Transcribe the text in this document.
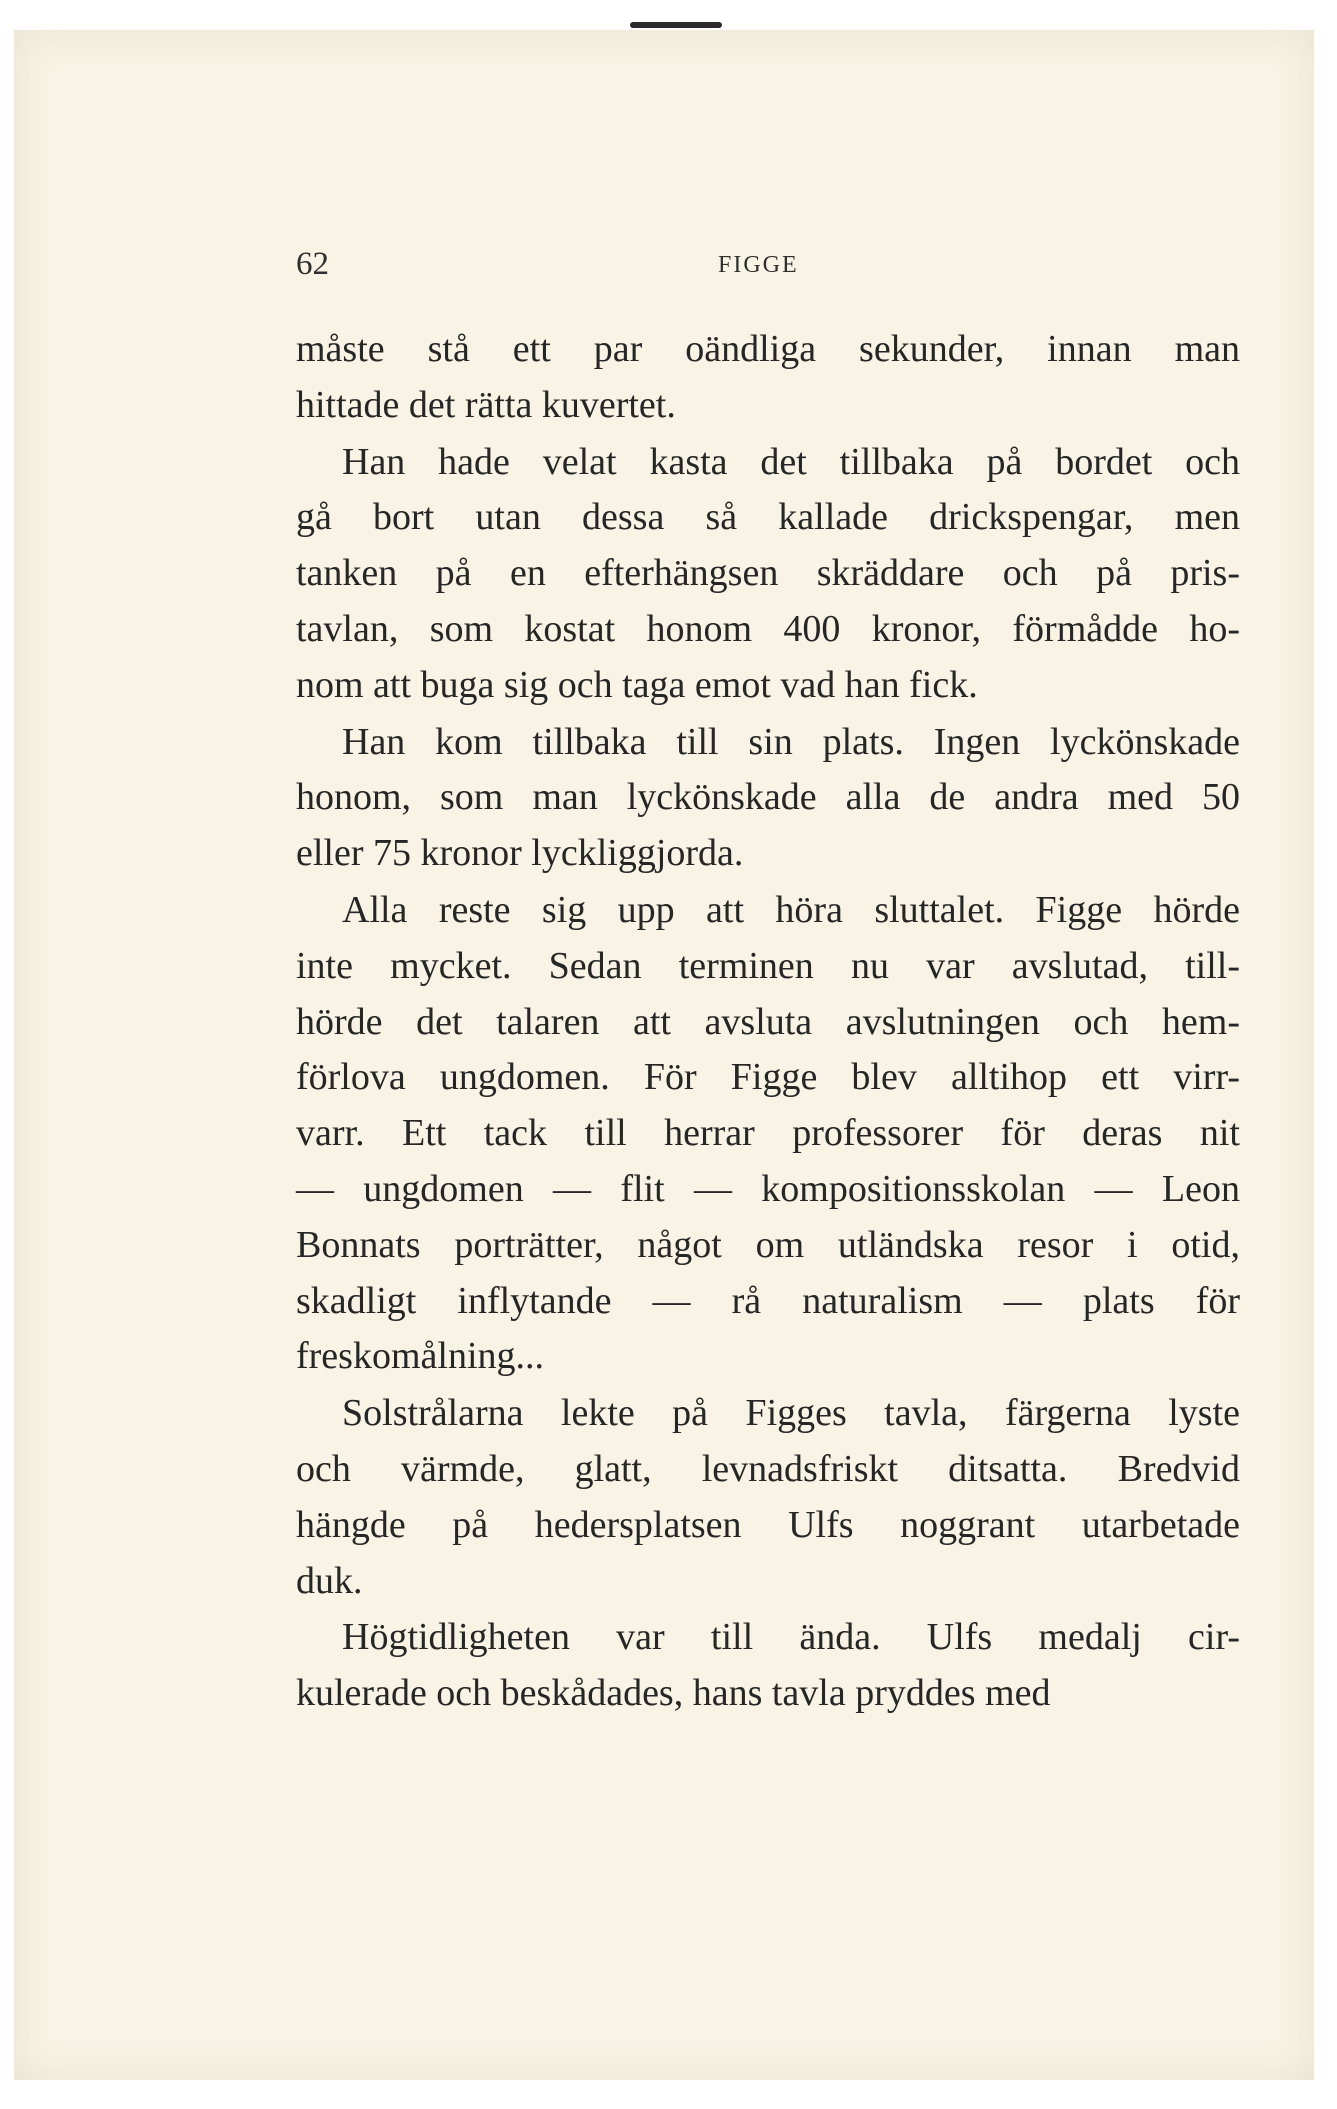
62	FIGGE
måste stå ett par oändliga sekunder, innan man
hittade det rätta kuvertet.
Han hade velat kasta det tillbaka på bordet och
gå bort utan dessa så kallade drickspengar, men
tanken på en efterhängsen skräddare och på pris-
tavlan, som kostat honom 400 kronor, förmådde ho-
nom att buga sig och taga emot vad han fick.
Han kom tillbaka till sin plats. Ingen lyckönskade
honom, som man lyckönskade alla de andra med 50
eller 75 kronor lyckliggjorda.
Alla reste sig upp att höra sluttalet. Figge hörde
inte mycket. Sedan terminen nu var avslutad, till-
hörde det talaren att avsluta avslutningen och hem-
förlova ungdomen. För Figge blev alltihop ett virr-
varr. Ett tack till herrar professorer för deras nit
— ungdomen — flit — kompositionsskolan — Leon
Bonnats porträtter, något om utländska resor i otid,
skadligt inflytande — rå naturalism — plats för
freskomålning...
Solstrålarna lekte på Figges tavla, färgerna lyste
och värmde, glatt, levnadsfriskt ditsatta. Bredvid
hängde på hedersplatsen Ulfs noggrant utarbetade
duk.
Högtidligheten var till ända. Ulfs medalj cir-
kulerade och beskådades, hans tavla pryddes med
